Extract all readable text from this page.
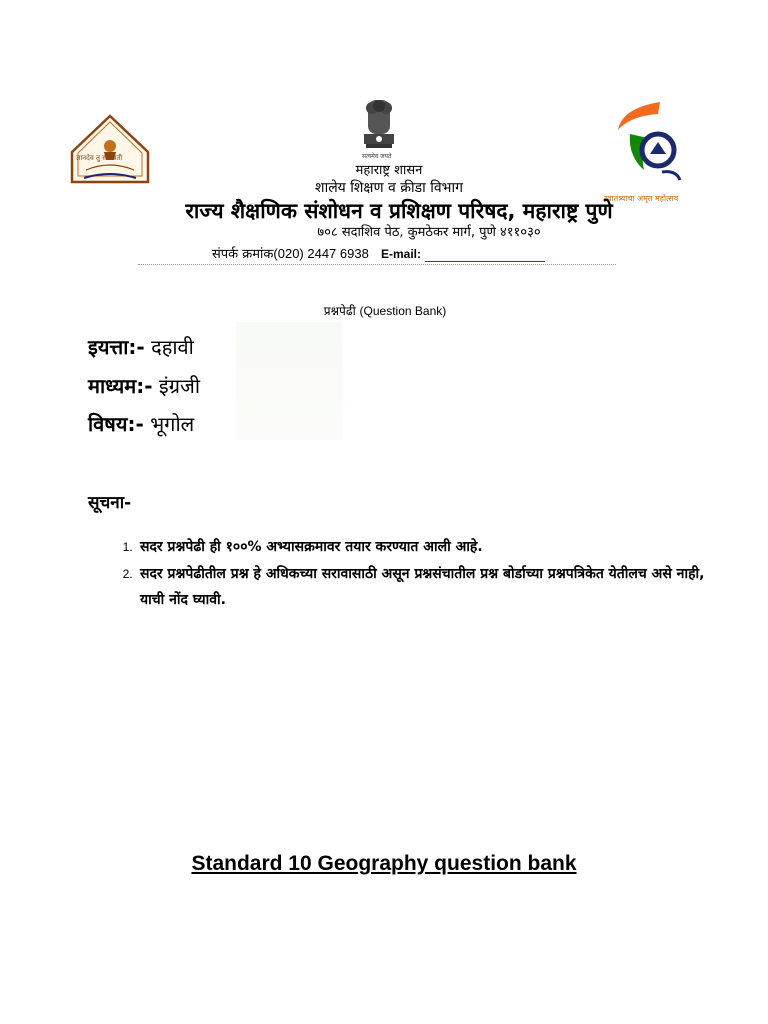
ज्ञानदेव तु सरस्वती	सत्यमेव जयते
स्वातंत्र्याचा अमृत महोत्सव
महाराष्ट्र शासन
शालेय शिक्षण व क्रीडा विभाग
राज्य शैक्षणिक संशोधन व प्रशिक्षण परिषद, महाराष्ट्र पुणे
७०८ सदाशिव पेठ, कुमठेकर मार्ग, पुणे ४११०३०
संपर्क क्रमांक(020) 2447 6938 E-mail:
प्रश्नपेढी (Question Bank)
इयत्ता:- दहावी
माध्यम:- इंग्रजी
विषय:- भूगोल
सूचना-
1. सदर प्रश्नपेढी ही १००% अभ्यासक्रमावर तयार करण्यात आली आहे.
2. सदर प्रश्नपेढीतील प्रश्न हे अधिकच्या सरावासाठी असून प्रश्नसंचातील प्रश्न बोर्डाच्या प्रश्नपत्रिकेत येतीलच असे नाही, याची नोंद घ्यावी.
Standard 10 Geography question bank
